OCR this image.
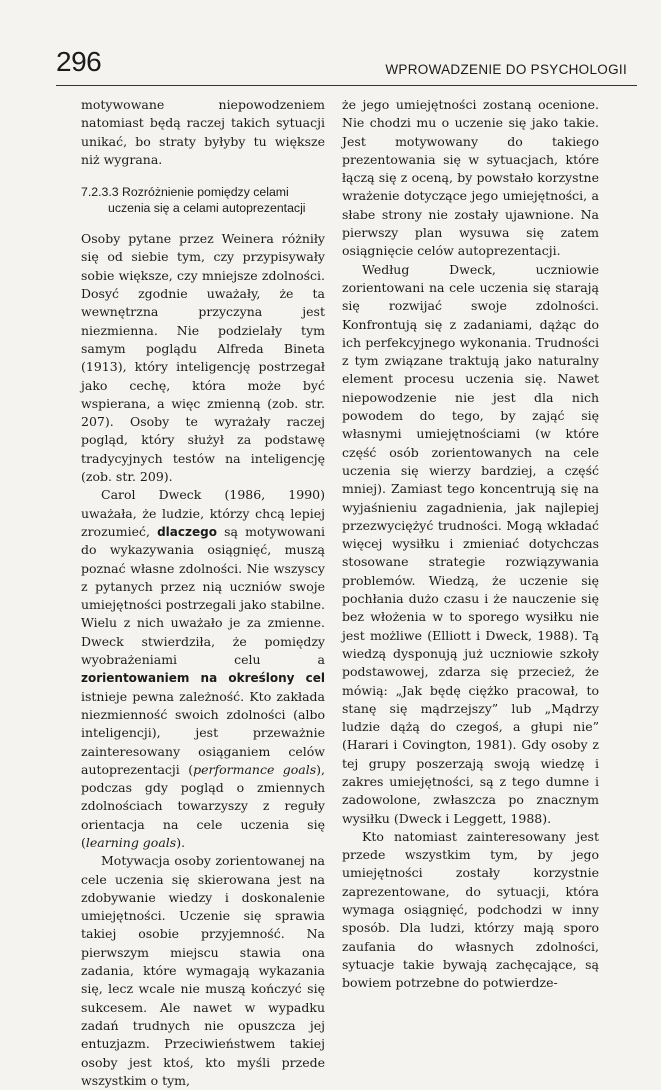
296	WPROWADZENIE DO PSYCHOLOGII

motywowane niepowodzeniem natomiast będą raczej takich sytuacji unikać, bo straty byłyby tu większe niż wygrana.

7.2.3.3 Rozróżnienie pomiędzy celami
uczenia się a celami autoprezentacji

Osoby pytane przez Weinera różniły się od siebie tym, czy przypisywały sobie większe, czy mniejsze zdolności. Dosyć zgodnie uważały, że ta wewnętrzna przyczyna jest niezmienna. Nie podzielały tym samym poglądu Alfreda Bineta (1913), który inteligencję postrzegał jako cechę, która może być wspierana, a więc zmienną (zob. str. 207). Osoby te wyrażały raczej pogląd, który służył za podstawę tradycyjnych testów na inteligencję (zob. str. 209).

Carol Dweck (1986, 1990) uważała, że ludzie, którzy chcą lepiej zrozumieć, dlaczego są motywowani do wykazywania osiągnięć, muszą poznać własne zdolności. Nie wszyscy z pytanych przez nią uczniów swoje umiejętności postrzegali jako stabilne. Wielu z nich uważało je za zmienne. Dweck stwierdziła, że pomiędzy wyobrażeniami celu a zorientowaniem na określony cel istnieje pewna zależność. Kto zakłada niezmienność swoich zdolności (albo inteligencji), jest przeważnie zainteresowany osiąganiem celów autoprezentacji (performance goals), podczas gdy pogląd o zmiennych zdolnościach towarzyszy z reguły orientacja na cele uczenia się (learning goals).

Motywacja osoby zorientowanej na cele uczenia się skierowana jest na zdobywanie wiedzy i doskonalenie umiejętności. Uczenie się sprawia takiej osobie przyjemność. Na pierwszym miejscu stawia ona zadania, które wymagają wykazania się, lecz wcale nie muszą kończyć się sukcesem. Ale nawet w wypadku zadań trudnych nie opuszcza jej entuzjazm. Przeciwieństwem takiej osoby jest ktoś, kto myśli przede wszystkim o tym,

że jego umiejętności zostaną ocenione. Nie chodzi mu o uczenie się jako takie. Jest motywowany do takiego prezentowania się w sytuacjach, które łączą się z oceną, by powstało korzystne wrażenie dotyczące jego umiejętności, a słabe strony nie zostały ujawnione. Na pierwszy plan wysuwa się zatem osiągnięcie celów autoprezentacji.

Według Dweck, uczniowie zorientowani na cele uczenia się starają się rozwijać swoje zdolności. Konfrontują się z zadaniami, dążąc do ich perfekcyjnego wykonania. Trudności z tym związane traktują jako naturalny element procesu uczenia się. Nawet niepowodzenie nie jest dla nich powodem do tego, by zająć się własnymi umiejętnościami (w które część osób zorientowanych na cele uczenia się wierzy bardziej, a część mniej). Zamiast tego koncentrują się na wyjaśnieniu zagadnienia, jak najlepiej przezwyciężyć trudności. Mogą wkładać więcej wysiłku i zmieniać dotychczas stosowane strategie rozwiązywania problemów. Wiedzą, że uczenie się pochłania dużo czasu i że nauczenie się bez włożenia w to sporego wysiłku nie jest możliwe (Elliott i Dweck, 1988). Tą wiedzą dysponują już uczniowie szkoły podstawowej, zdarza się przecież, że mówią: „Jak będę ciężko pracował, to stanę się mądrzejszy” lub „Mądrzy ludzie dążą do czegoś, a głupi nie” (Harari i Covington, 1981). Gdy osoby z tej grupy poszerzają swoją wiedzę i zakres umiejętności, są z tego dumne i zadowolone, zwłaszcza po znacznym wysiłku (Dweck i Leggett, 1988).

Kto natomiast zainteresowany jest przede wszystkim tym, by jego umiejętności zostały korzystnie zaprezentowane, do sytuacji, która wymaga osiągnięć, podchodzi w inny sposób. Dla ludzi, którzy mają sporo zaufania do własnych zdolności, sytuacje takie bywają zachęcające, są bowiem potrzebne do potwierdze-
